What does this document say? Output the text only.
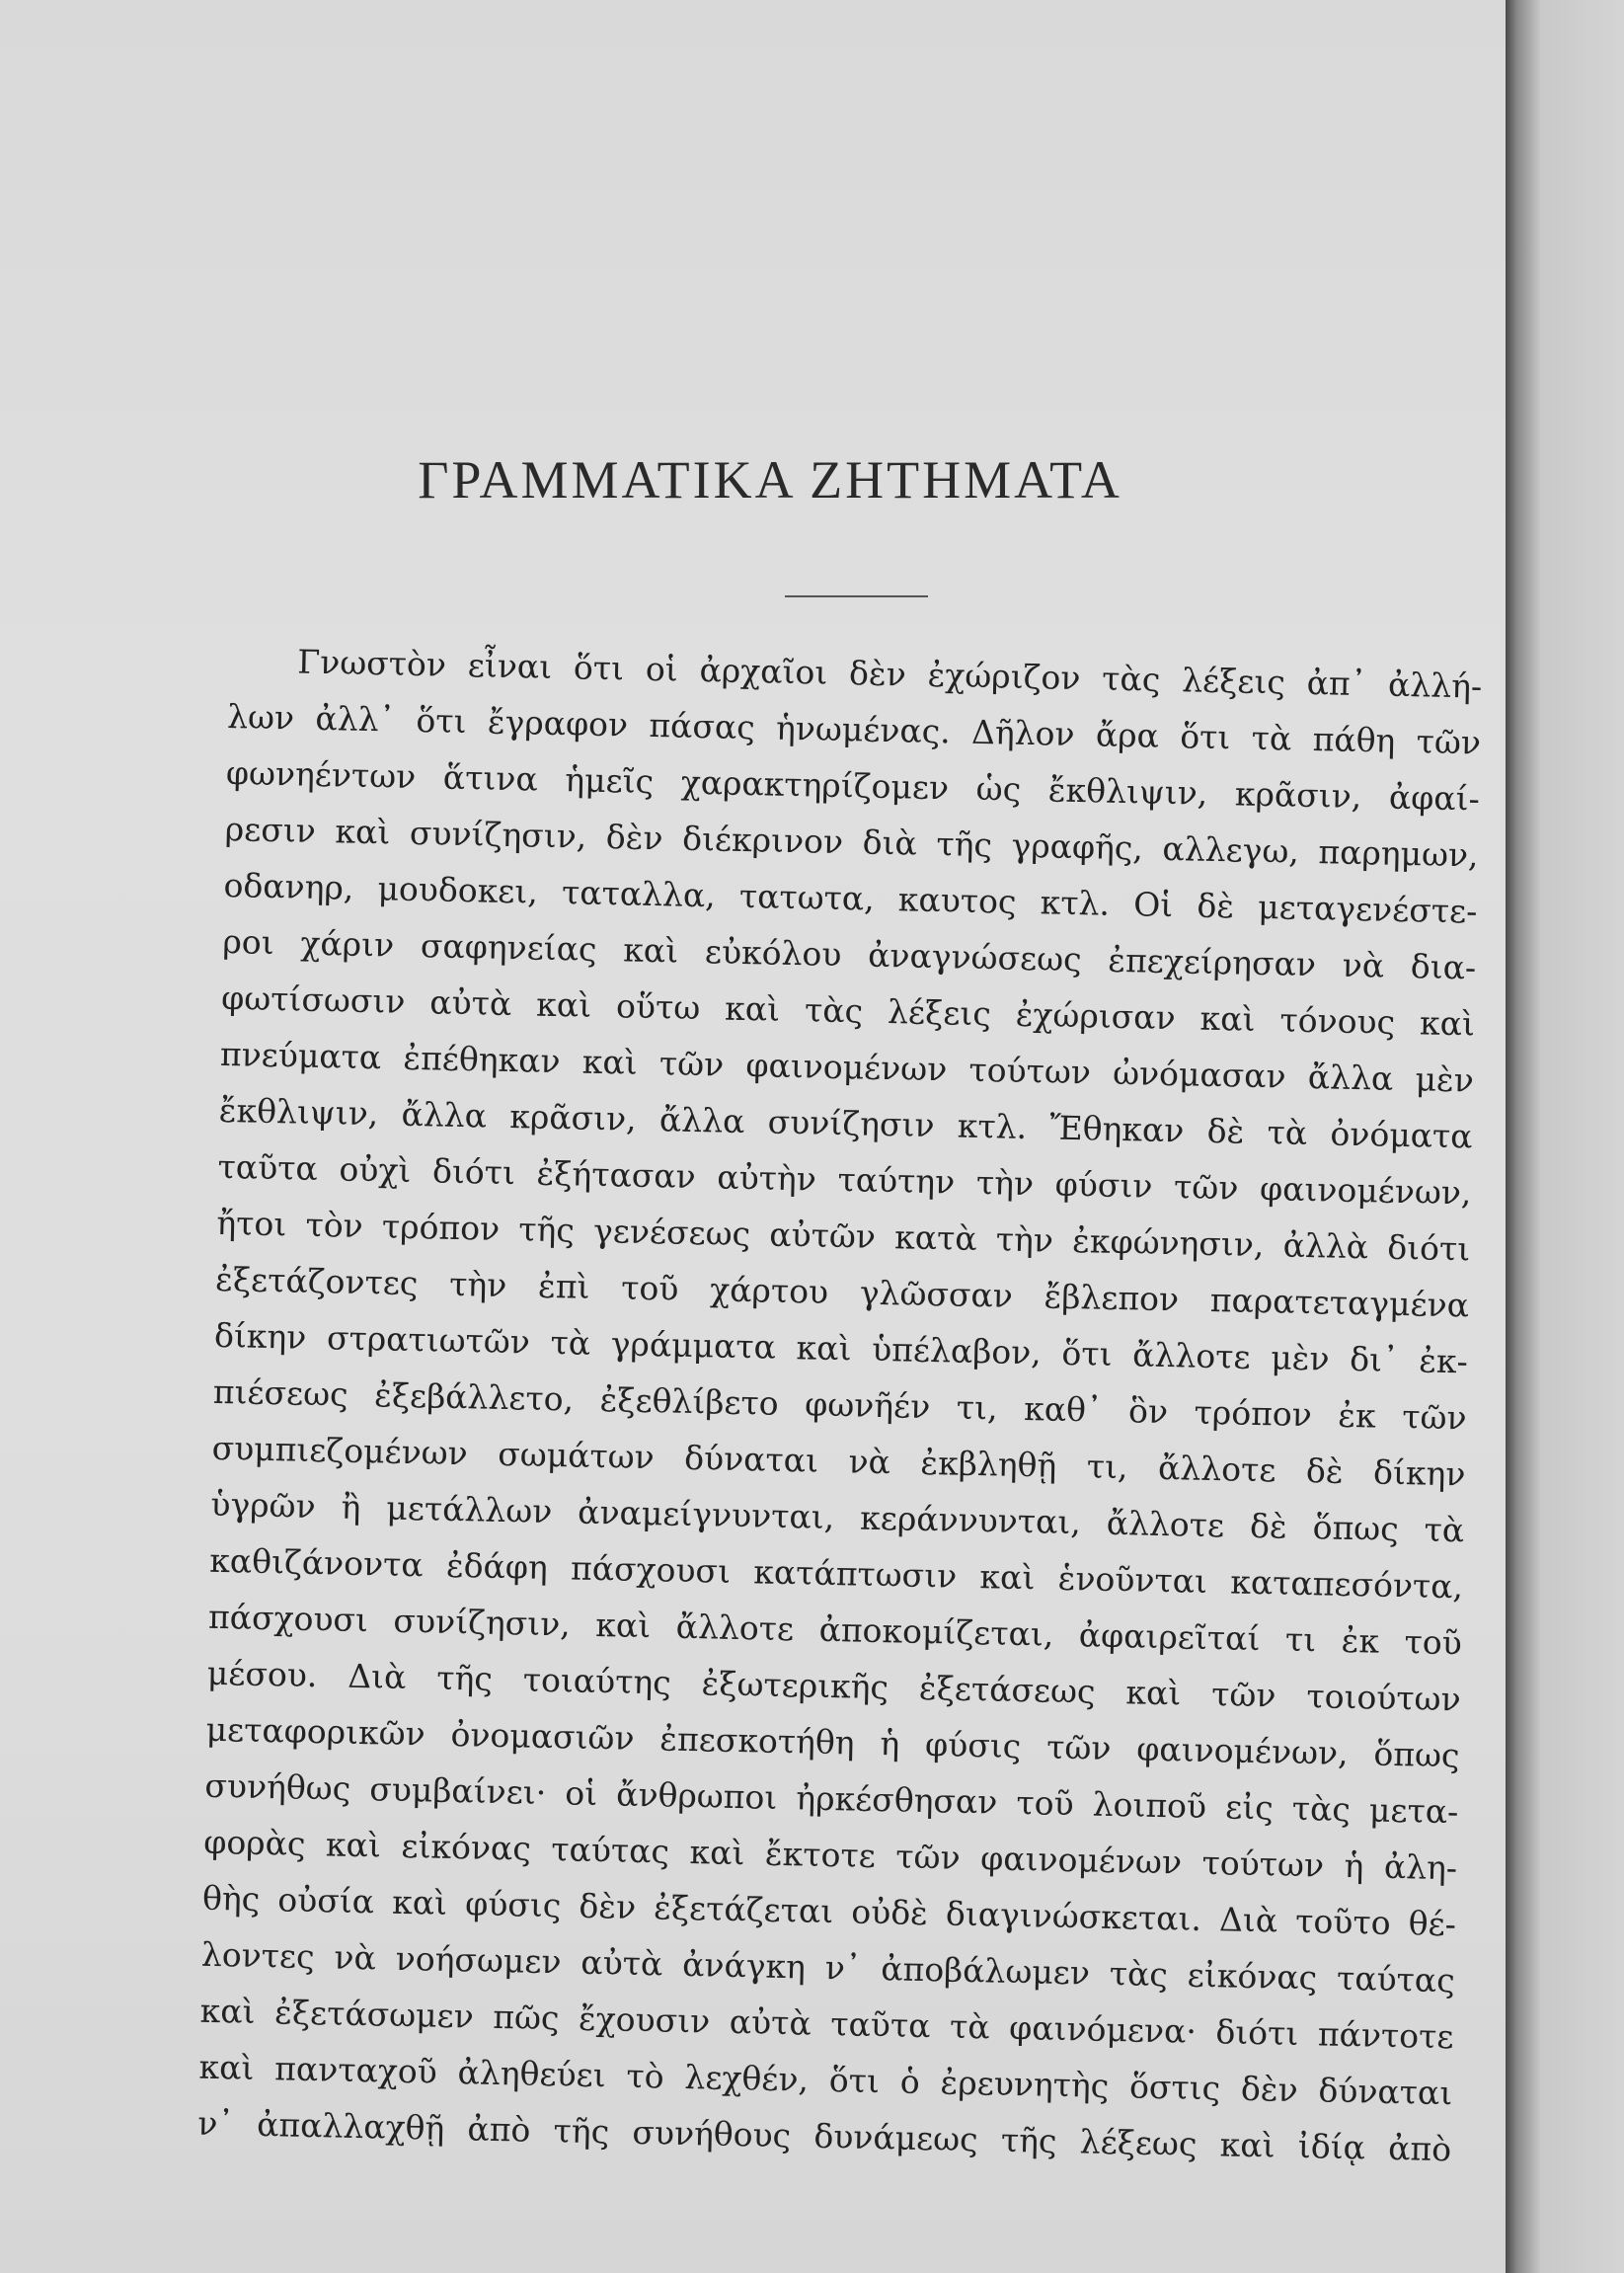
ΓΡΑΜΜΑΤΙΚΑ ΖΗΤΗΜΑΤΑ
Γνωστὸν εἶναι ὅτι οἱ ἀρχαῖοι δὲν ἐχώριζον τὰς λέξεις ἀπ᾽ ἀλλή-
λων ἀλλ᾽ ὅτι ἔγραφον πάσας ἡνωμένας. Δῆλον ἄρα ὅτι τὰ πάθη τῶν
φωνηέντων ἅτινα ἡμεῖς χαρακτηρίζομεν ὡς ἔκθλιψιν, κρᾶσιν, ἀφαί-
ρεσιν καὶ συνίζησιν, δὲν διέκρινον διὰ τῆς γραφῆς, αλλεγω, παρημων,
οδανηρ, μουδοκει, ταταλλα, τατωτα, καυτος κτλ. Οἱ δὲ μεταγενέστε-
ροι χάριν σαφηνείας καὶ εὐκόλου ἀναγνώσεως ἐπεχείρησαν νὰ δια-
φωτίσωσιν αὐτὰ καὶ οὕτω καὶ τὰς λέξεις ἐχώρισαν καὶ τόνους καὶ
πνεύματα ἐπέθηκαν καὶ τῶν φαινομένων τούτων ὠνόμασαν ἄλλα μὲν
ἔκθλιψιν, ἄλλα κρᾶσιν, ἄλλα συνίζησιν κτλ. Ἔθηκαν δὲ τὰ ὀνόματα
ταῦτα οὐχὶ διότι ἐξήτασαν αὐτὴν ταύτην τὴν φύσιν τῶν φαινομένων,
ἤτοι τὸν τρόπον τῆς γενέσεως αὐτῶν κατὰ τὴν ἐκφώνησιν, ἀλλὰ διότι
ἐξετάζοντες τὴν ἐπὶ τοῦ χάρτου γλῶσσαν ἔβλεπον παρατεταγμένα
δίκην στρατιωτῶν τὰ γράμματα καὶ ὑπέλαβον, ὅτι ἄλλοτε μὲν δι᾽ ἐκ-
πιέσεως ἐξεβάλλετο, ἐξεθλίβετο φωνῆέν τι, καθ᾽ ὃν τρόπον ἐκ τῶν
συμπιεζομένων σωμάτων δύναται νὰ ἐκβληθῇ τι, ἄλλοτε δὲ δίκην
ὑγρῶν ἢ μετάλλων ἀναμείγνυνται, κεράννυνται, ἄλλοτε δὲ ὅπως τὰ
καθιζάνοντα ἐδάφη πάσχουσι κατάπτωσιν καὶ ἑνοῦνται καταπεσόντα,
πάσχουσι συνίζησιν, καὶ ἄλλοτε ἀποκομίζεται, ἀφαιρεῖταί τι ἐκ τοῦ
μέσου. Διὰ τῆς τοιαύτης ἐξωτερικῆς ἐξετάσεως καὶ τῶν τοιούτων
μεταφορικῶν ὀνομασιῶν ἐπεσκοτήθη ἡ φύσις τῶν φαινομένων, ὅπως
συνήθως συμβαίνει· οἱ ἄνθρωποι ἠρκέσθησαν τοῦ λοιποῦ εἰς τὰς μετα-
φορὰς καὶ εἰκόνας ταύτας καὶ ἔκτοτε τῶν φαινομένων τούτων ἡ ἀλη-
θὴς οὐσία καὶ φύσις δὲν ἐξετάζεται οὐδὲ διαγινώσκεται. Διὰ τοῦτο θέ-
λοντες νὰ νοήσωμεν αὐτὰ ἀνάγκη ν᾽ ἀποβάλωμεν τὰς εἰκόνας ταύτας
καὶ ἐξετάσωμεν πῶς ἔχουσιν αὐτὰ ταῦτα τὰ φαινόμενα· διότι πάντοτε
καὶ πανταχοῦ ἀληθεύει τὸ λεχθέν, ὅτι ὁ ἐρευνητὴς ὅστις δὲν δύναται
ν᾽ ἀπαλλαχθῇ ἀπὸ τῆς συνήθους δυνάμεως τῆς λέξεως καὶ ἰδίᾳ ἀπὸ
